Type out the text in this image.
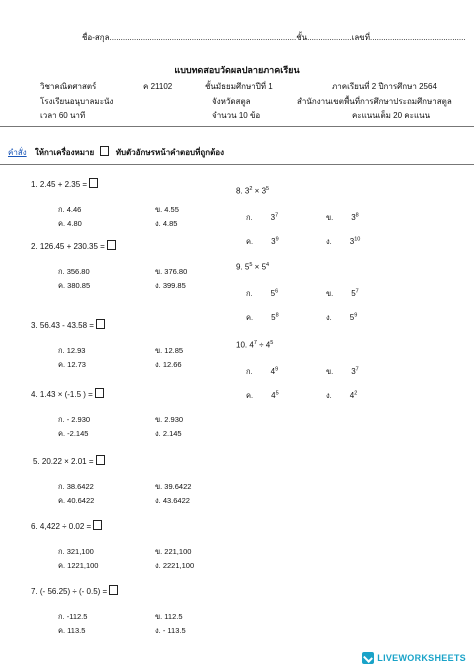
ชื่อ-สกุล....................................................................................ชั้น....................เลขที่...........................................
แบบทดสอบวัดผลปลายภาคเรียน
วิชาคณิตศาสตร์	ค 21102	ชั้นมัธยมศึกษาปีที่ 1	ภาคเรียนที่ 2 ปีการศึกษา 2564
โรงเรียนอนุบาลมะนัง	จังหวัดสตูล	สำนักงานเขตพื้นที่การศึกษาประถมศึกษาสตูล
เวลา 60 นาที	จำนวน 10 ข้อ	คะแนนเต็ม 20 คะแนน
คำสั่ง ให้กาเครื่องหมาย	ทับตัวอักษรหน้าคำตอบที่ถูกต้อง
1. 2.45 + 2.35 =
ก. 4.46	ข. 4.55
ค. 4.80	ง. 4.85
2. 126.45 + 230.35 =
ก. 356.80	ข. 376.80
ค. 380.85	ง. 399.85
3. 56.43 - 43.58 =
ก. 12.93	ข. 12.85
ค. 12.73	ง. 12.66
4. 1.43 × (-1.5 ) =
ก. - 2.930	ข. 2.930
ค. -2.145	ง. 2.145
5. 20.22 × 2.01 =
ก. 38.6422	ข. 39.6422
ค. 40.6422	ง. 43.6422
6. 4,422 ÷ 0.02 =
ก. 321,100	ข. 221,100
ค. 1221,100	ง. 2221,100
7. (- 56.25) ÷ (- 0.5) =
ก. -112.5	ข. 112.5
ค. 113.5	ง. - 113.5
8. $3^2 \times 3^5$
ก. $3^7$	ข. $3^8$
ค. $3^9$	ง. $3^{10}$
9. $5^5 \times 5^4$
ก. $5^6$	ข. $5^7$
ค. $5^8$	ง. $5^9$
10. $4^7 \div 4^5$
ก. $4^9$	ข. $3^7$
ค. $4^5$	ง. $4^2$
LIVEWORKSHEETS
